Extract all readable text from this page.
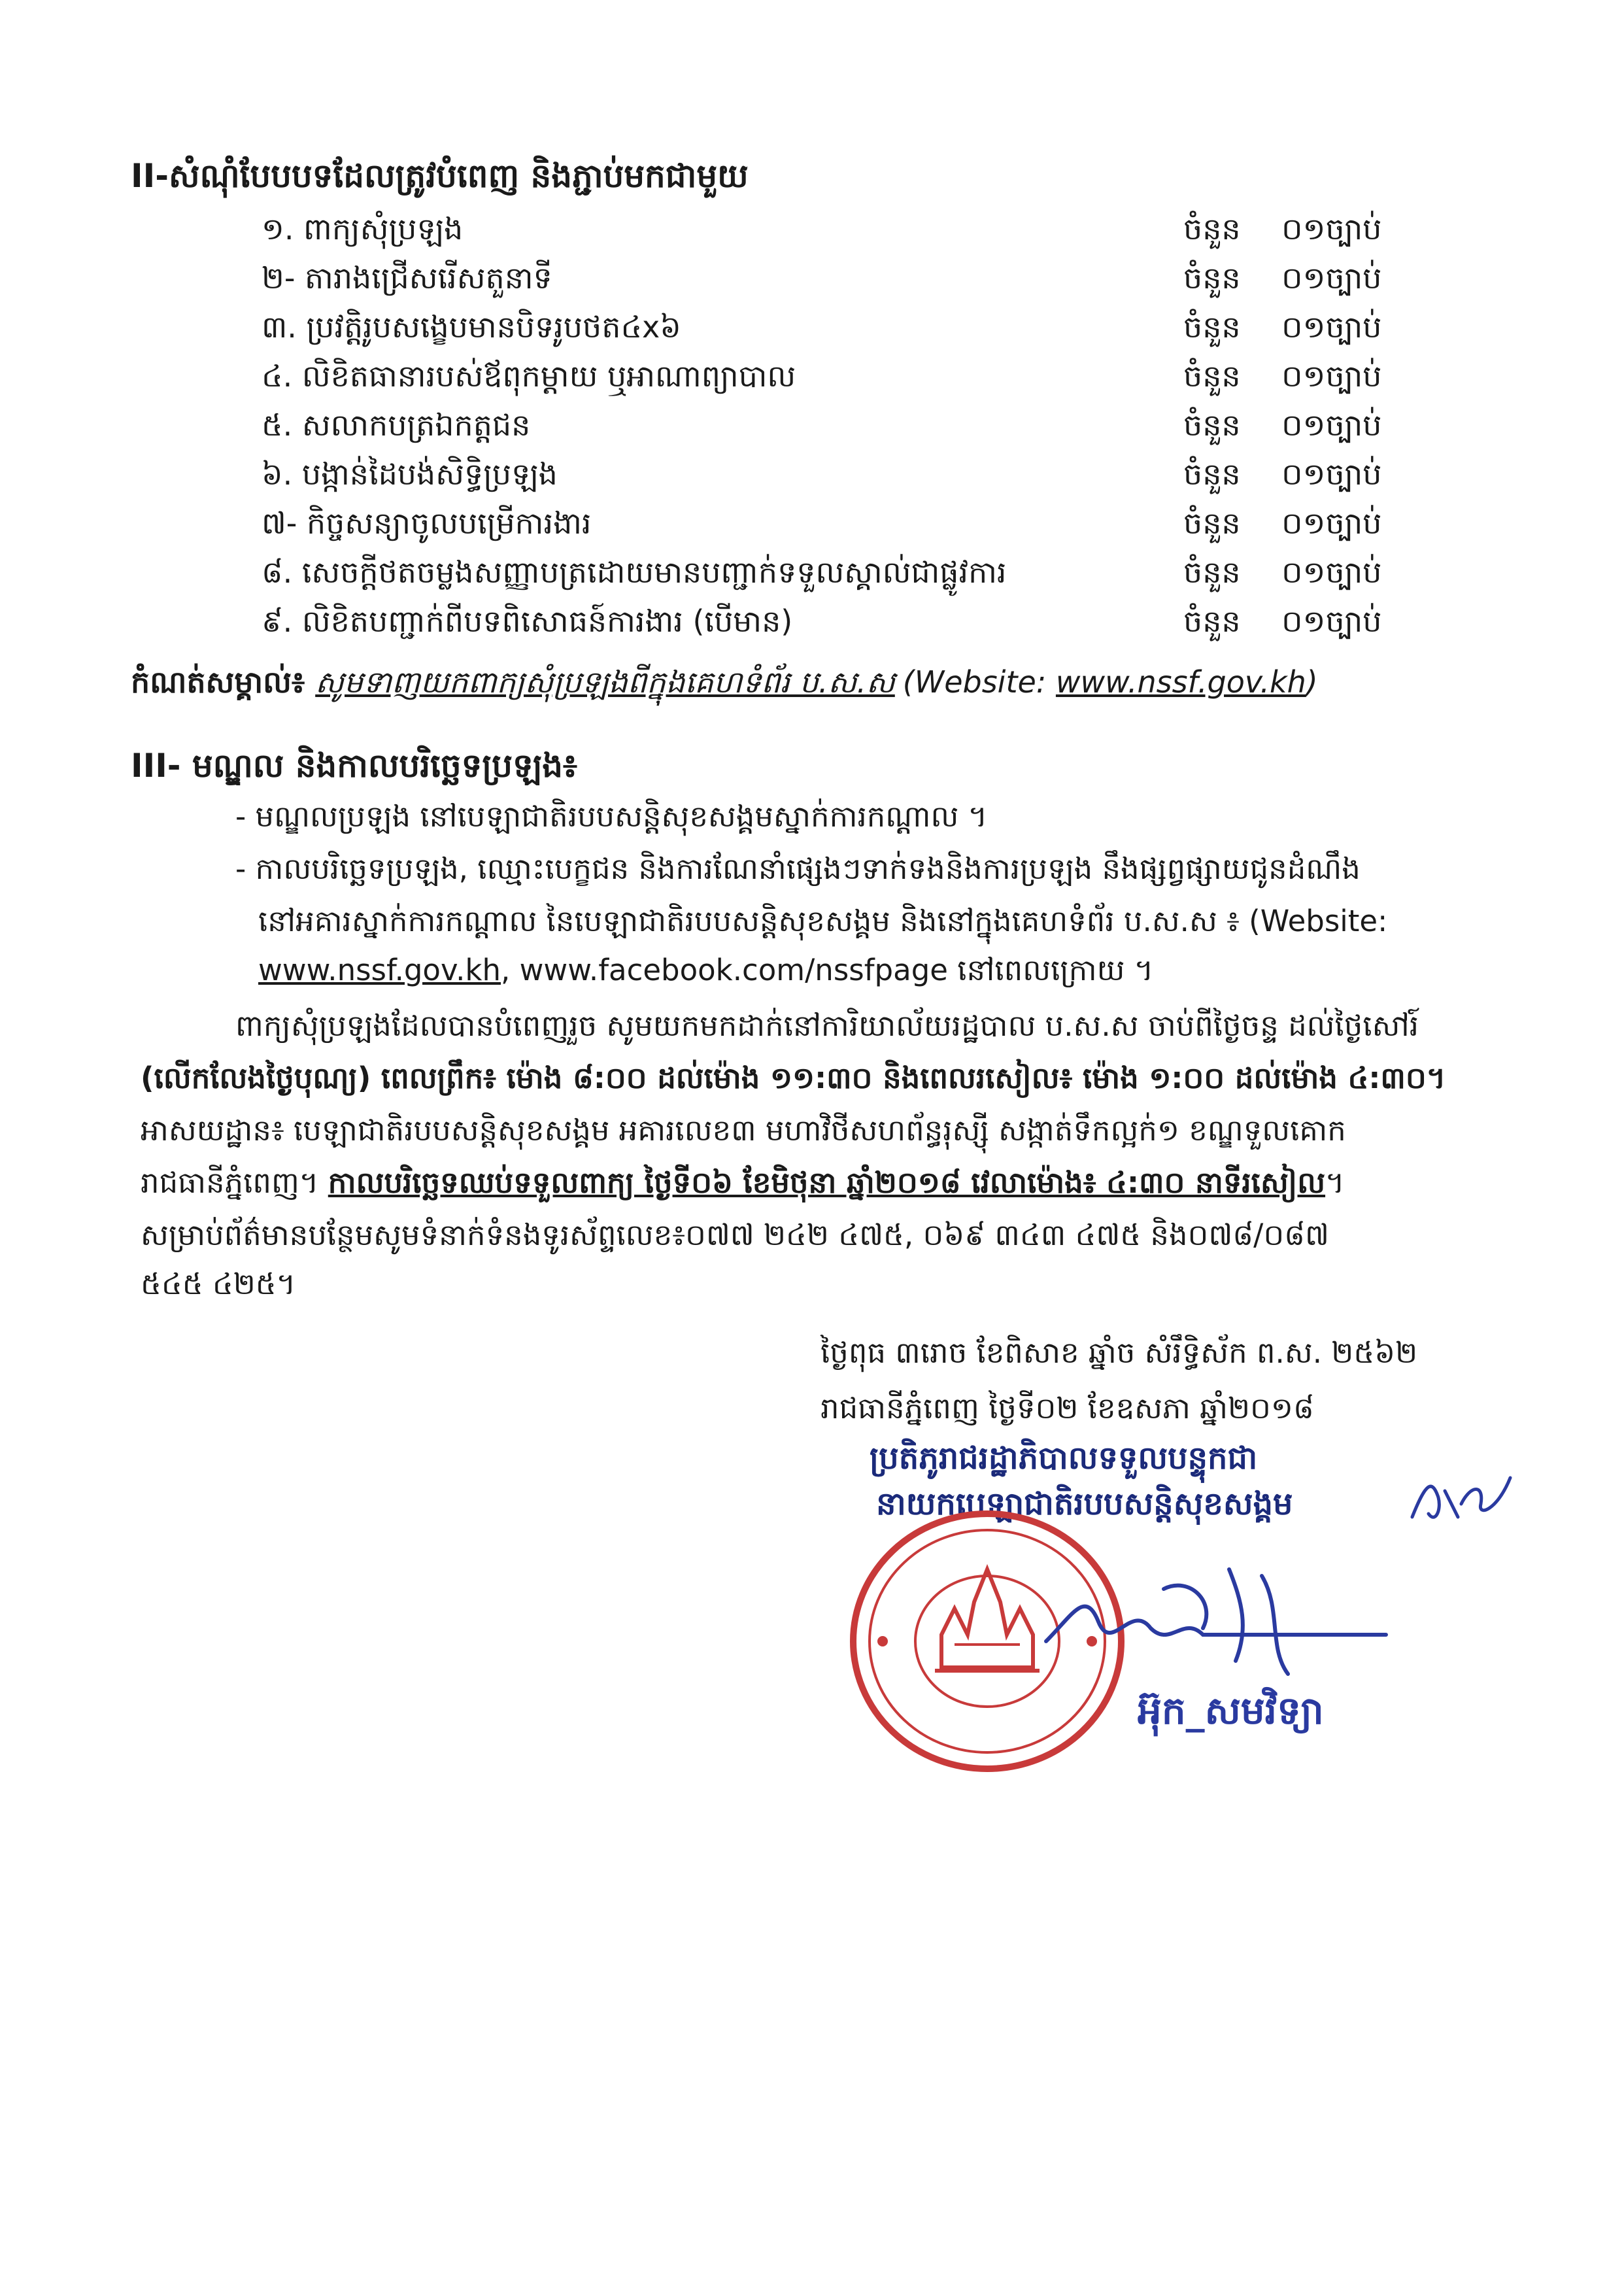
II-សំណុំបែបបទដែលត្រូវបំពេញ និងភ្ជាប់មកជាមួយ
១. ពាក្យសុំប្រឡង	ចំនួន ០១ច្បាប់
២- តារាងជ្រើសរើសតួនាទី	ចំនួន ០១ច្បាប់
៣. ប្រវត្តិរូបសង្ខេបមានបិទរូបថត៤x៦	ចំនួន ០១ច្បាប់
៤. លិខិតធានារបស់ឪពុកម្តាយ ឬអាណាព្យាបាល	ចំនួន ០១ច្បាប់
៥. សលាកបត្រឯកត្តជន	ចំនួន ០១ច្បាប់
៦. បង្កាន់ដៃបង់សិទ្ធិប្រឡង	ចំនួន ០១ច្បាប់
៧- កិច្ចសន្យាចូលបម្រើការងារ	ចំនួន ០១ច្បាប់
៨. សេចក្តីថតចម្លងសញ្ញាបត្រដោយមានបញ្ជាក់ទទួលស្គាល់ជាផ្លូវការ	ចំនួន ០១ច្បាប់
៩. លិខិតបញ្ជាក់ពីបទពិសោធន៍ការងារ (បើមាន)	ចំនួន ០១ច្បាប់
កំណត់សម្គាល់៖ សូមទាញយកពាក្យសុំប្រឡងពីក្នុងគេហទំព័រ ប.ស.ស (Website: www.nssf.gov.kh)
III- មណ្ឌល និងកាលបរិច្ឆេទប្រឡង៖
- មណ្ឌលប្រឡង នៅបេឡាជាតិរបបសន្តិសុខសង្គមស្នាក់ការកណ្តាល ។
- កាលបរិច្ឆេទប្រឡង, ឈ្មោះបេក្ខជន និងការណែនាំផ្សេងៗទាក់ទងនិងការប្រឡង នឹងផ្សព្វផ្សាយជូនដំណឹង
នៅអគារស្នាក់ការកណ្តាល នៃបេឡាជាតិរបបសន្តិសុខសង្គម និងនៅក្នុងគេហទំព័រ ប.ស.ស ៖ (Website:
www.nssf.gov.kh, www.facebook.com/nssfpage នៅពេលក្រោយ ។
ពាក្យសុំប្រឡងដែលបានបំពេញរួច សូមយកមកដាក់នៅការិយាល័យរដ្ឋបាល ប.ស.ស ចាប់ពីថ្ងៃចន្ទ ដល់ថ្ងៃសៅរ៍
(លើកលែងថ្ងៃបុណ្យ) ពេលព្រឹក៖ ម៉ោង ៨:០០ ដល់ម៉ោង ១១:៣០ និងពេលរសៀល៖ ម៉ោង ១:០០ ដល់ម៉ោង ៤:៣០។
អាសយដ្ឋាន៖ បេឡាជាតិរបបសន្តិសុខសង្គម អគារលេខ៣ មហាវិថីសហព័ន្ធរុស្ស៊ី សង្កាត់ទឹកល្អក់១ ខណ្ឌទួលគោក
រាជធានីភ្នំពេញ។ កាលបរិច្ឆេទឈប់ទទួលពាក្យ ថ្ងៃទី០៦ ខែមិថុនា ឆ្នាំ២០១៨ វេលាម៉ោង៖ ៤:៣០ នាទីរសៀល។
សម្រាប់ព័ត៌មានបន្ថែមសូមទំនាក់ទំនងទូរស័ព្ទលេខ៖០៧៧ ២៤២ ៤៧៥, ០៦៩ ៣៤៣ ៤៧៥ និង០៧៨/០៨៧
៥៤៥ ៤២៥។
ថ្ងៃពុធ ៣រោច ខែពិសាខ ឆ្នាំច សំរឹទ្ធិស័ក ព.ស. ២៥៦២
រាជធានីភ្នំពេញ ថ្ងៃទី០២ ខែឧសភា ឆ្នាំ២០១៨
ប្រតិភូរាជរដ្ឋាភិបាលទទួលបន្ទុកជា
នាយកបេឡាជាតិរបបសន្តិសុខសង្គម
អ៊ុក_សមវិទ្យា
